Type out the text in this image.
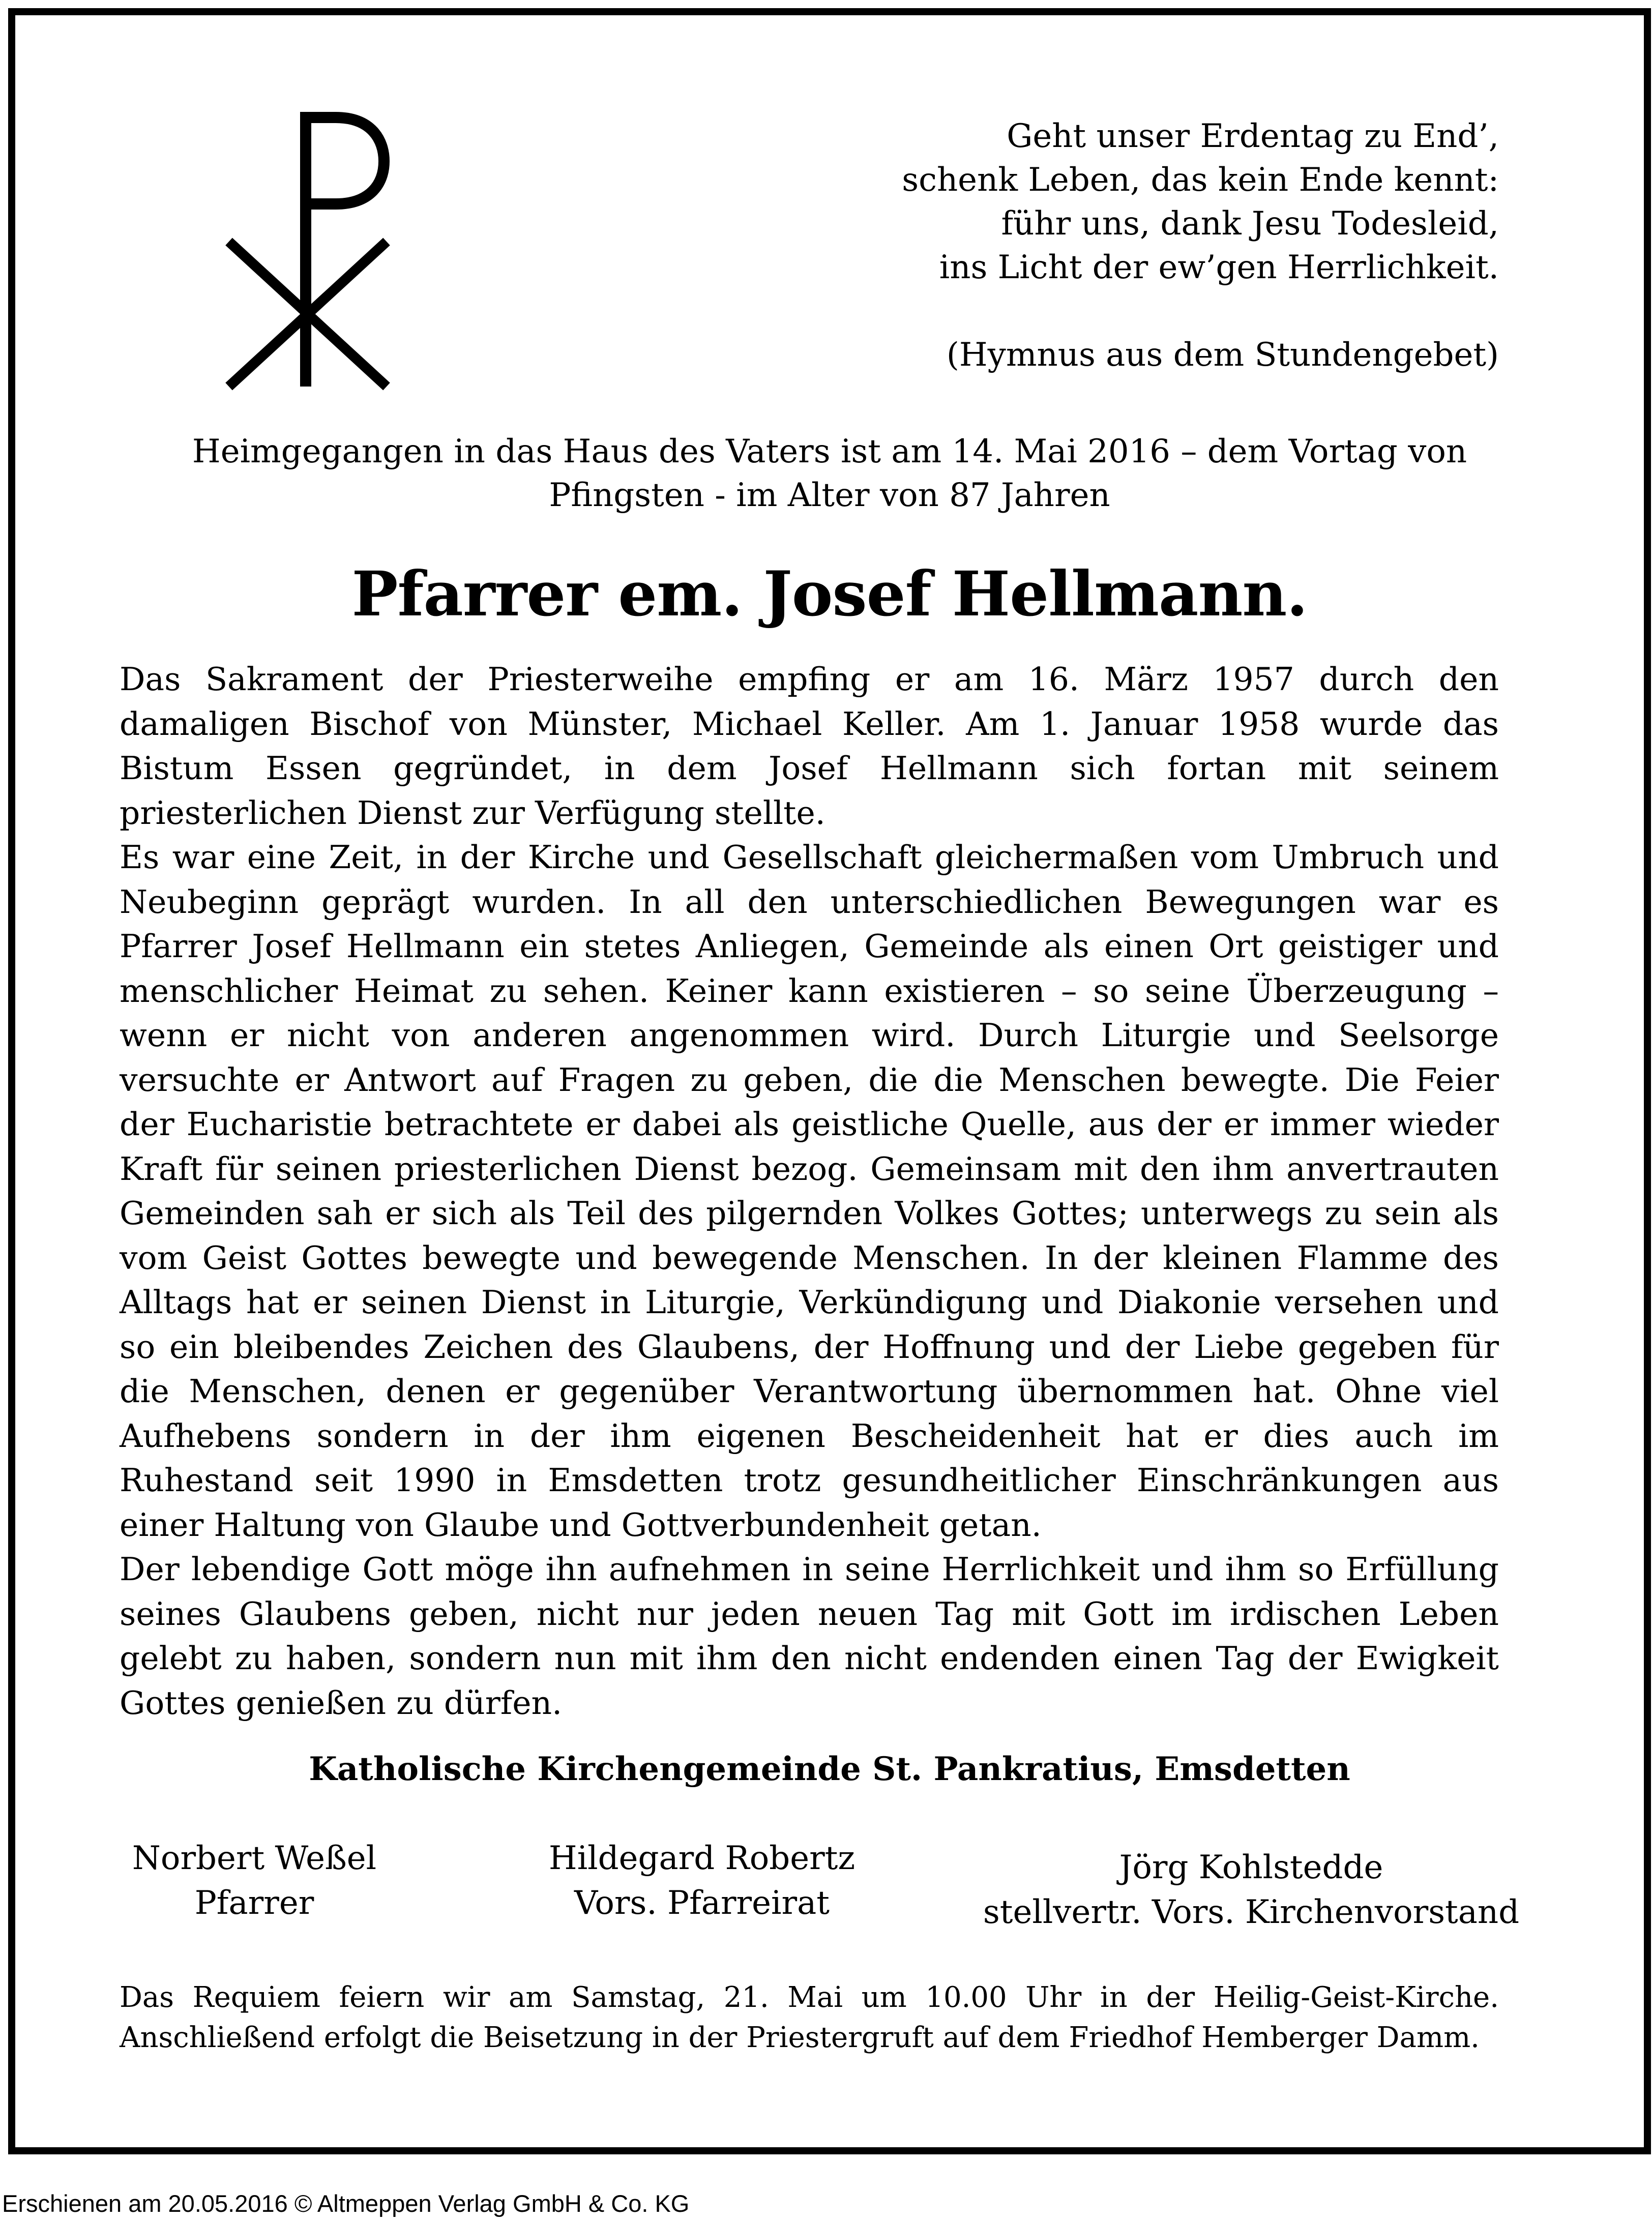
Geht unser Erdentag zu End’,
schenk Leben, das kein Ende kennt:
führ uns, dank Jesu Todesleid,
ins Licht der ew’gen Herrlichkeit.
(Hymnus aus dem Stundengebet)
Heimgegangen in das Haus des Vaters ist am 14. Mai 2016 – dem Vortag von
Pfingsten - im Alter von 87 Jahren
Pfarrer em. Josef Hellmann.

Das Sakrament der Priesterweihe empfing er am 16. März 1957 durch den damaligen Bischof von Münster, Michael Keller. Am 1. Januar 1958 wurde das Bistum Essen gegründet, in dem Josef Hellmann sich fortan mit seinem priesterlichen Dienst zur Verfügung stellte.

Es war eine Zeit, in der Kirche und Gesellschaft gleichermaßen vom Umbruch und Neubeginn geprägt wurden. In all den unterschiedlichen Bewegungen war es Pfarrer Josef Hellmann ein stetes Anliegen, Gemeinde als einen Ort geistiger und menschlicher Heimat zu sehen. Keiner kann existieren – so seine Überzeugung – wenn er nicht von anderen angenommen wird. Durch Liturgie und Seelsorge versuchte er Antwort auf Fragen zu geben, die die Menschen bewegte. Die Feier der Eucharistie betrachtete er dabei als geistliche Quelle, aus der er immer wieder Kraft für seinen priesterlichen Dienst bezog. Gemeinsam mit den ihm anvertrauten Gemeinden sah er sich als Teil des pilgernden Volkes Gottes; unterwegs zu sein als vom Geist Gottes bewegte und bewegende Menschen. In der kleinen Flamme des Alltags hat er seinen Dienst in Liturgie, Verkündigung und Diakonie versehen und so ein bleibendes Zeichen des Glaubens, der Hoffnung und der Liebe gegeben für die Menschen, denen er gegenüber Verantwortung übernommen hat. Ohne viel Aufhebens sondern in der ihm eigenen Bescheidenheit hat er dies auch im Ruhestand seit 1990 in Emsdetten trotz gesundheitlicher Einschränkungen aus einer Haltung von Glaube und Gottverbundenheit getan.

Der lebendige Gott möge ihn aufnehmen in seine Herrlichkeit und ihm so Erfüllung seines Glaubens geben, nicht nur jeden neuen Tag mit Gott im irdischen Leben gelebt zu haben, sondern nun mit ihm den nicht endenden einen Tag der Ewigkeit Gottes genießen zu dürfen.

Katholische Kirchengemeinde St. Pankratius, Emsdetten
Norbert Weßel
Pfarrer
Hildegard Robertz
Vors. Pfarreirat
Jörg Kohlstedde
stellvertr. Vors. Kirchenvorstand
Das Requiem feiern wir am Samstag, 21. Mai um 10.00 Uhr in der Heilig-Geist-Kirche. Anschließend erfolgt die Beisetzung in der Priestergruft auf dem Friedhof Hemberger Damm.
Erschienen am 20.05.2016 © Altmeppen Verlag GmbH & Co. KG
